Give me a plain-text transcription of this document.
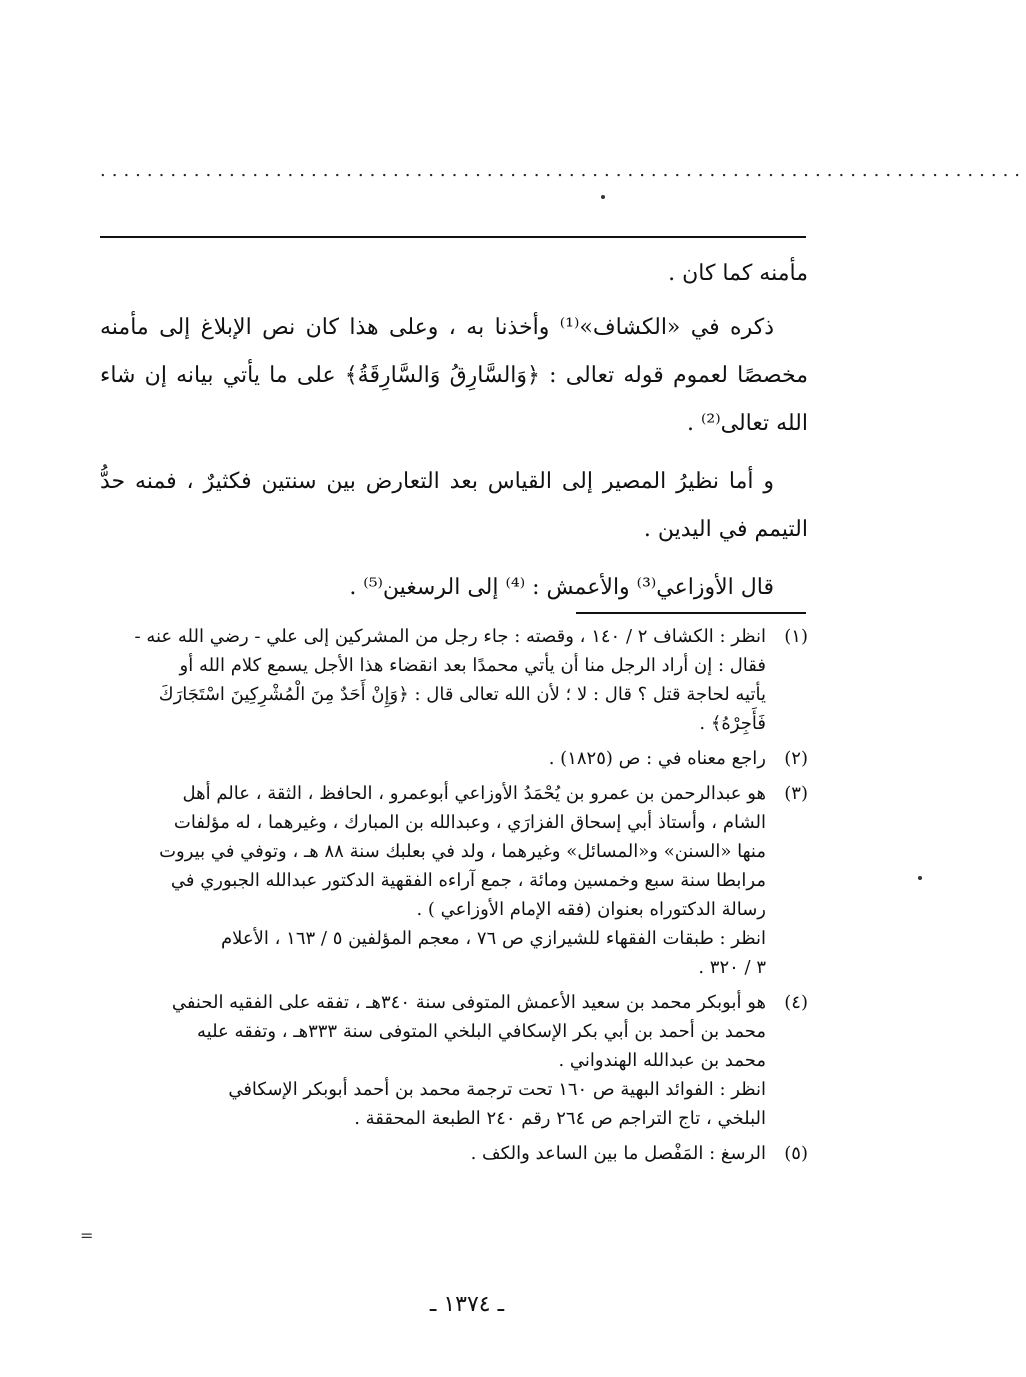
...............................................................................

مأمنه كما كان .

ذكره في «الكشاف»⁽¹⁾ وأخذنا به ، وعلى هذا كان نص الإبلاغ إلى مأمنه مخصصًا لعموم قوله تعالى : ﴿وَالسَّارِقُ وَالسَّارِقَةُ﴾ على ما يأتي بيانه إن شاء الله تعالى⁽²⁾ .

و أما نظيرُ المصير إلى القياس بعد التعارض بين سنتين فكثيرٌ ، فمنه حدُّ التيمم في اليدين .

قال الأوزاعي⁽³⁾ والأعمش : ⁽⁴⁾ إلى الرسغين⁽⁵⁾ .

(١)
انظر : الكشاف ٢ / ١٤٠ ، وقصته : جاء رجل من المشركين إلى علي - رضي الله عنه -
فقال : إن أراد الرجل منا أن يأتي محمدًا بعد انقضاء هذا الأجل يسمع كلام الله أو
يأتيه لحاجة قتل ؟ قال : لا ؛ لأن الله تعالى قال : ﴿وَإِنْ أَحَدٌ مِنَ الْمُشْرِكِينَ اسْتَجَارَكَ
فَأَجِرْهُ﴾ .
(٢)
راجع معناه في : ص (١٨٢٥) .
(٣)
هو عبدالرحمن بن عمرو بن يُحْمَدُ الأوزاعي أبوعمرو ، الحافظ ، الثقة ، عالم أهل
الشام ، وأستاذ أبي إسحاق الفزارَي ، وعبدالله بن المبارك ، وغيرهما ، له مؤلفات
منها «السنن» و«المسائل» وغيرهما ، ولد في بعلبك سنة ٨٨ هـ ، وتوفي في بيروت
مرابطا سنة سبع وخمسين ومائة ، جمع آراءه الفقهية الدكتور عبدالله الجبوري في
رسالة الدكتوراه بعنوان (فقه الإمام الأوزاعي ) .
انظر : طبقات الفقهاء للشيرازي ص ٧٦ ، معجم المؤلفين ٥ / ١٦٣ ، الأعلام
٣ / ٣٢٠ .
(٤)
هو أبوبكر محمد بن سعيد الأعمش المتوفى سنة ٣٤٠هـ ، تفقه على الفقيه الحنفي
محمد بن أحمد بن أبي بكر الإسكافي البلخي المتوفى سنة ٣٣٣هـ ، وتفقه عليه
محمد بن عبدالله الهندواني .
انظر : الفوائد البهية ص ١٦٠ تحت ترجمة محمد بن أحمد أبوبكر الإسكافي
البلخي ، تاج التراجم ص ٢٦٤ رقم ٢٤٠ الطبعة المحققة .
(٥)
الرسغ : المَفْصل ما بين الساعد والكف .
=
ـ ١٣٧٤ ـ
